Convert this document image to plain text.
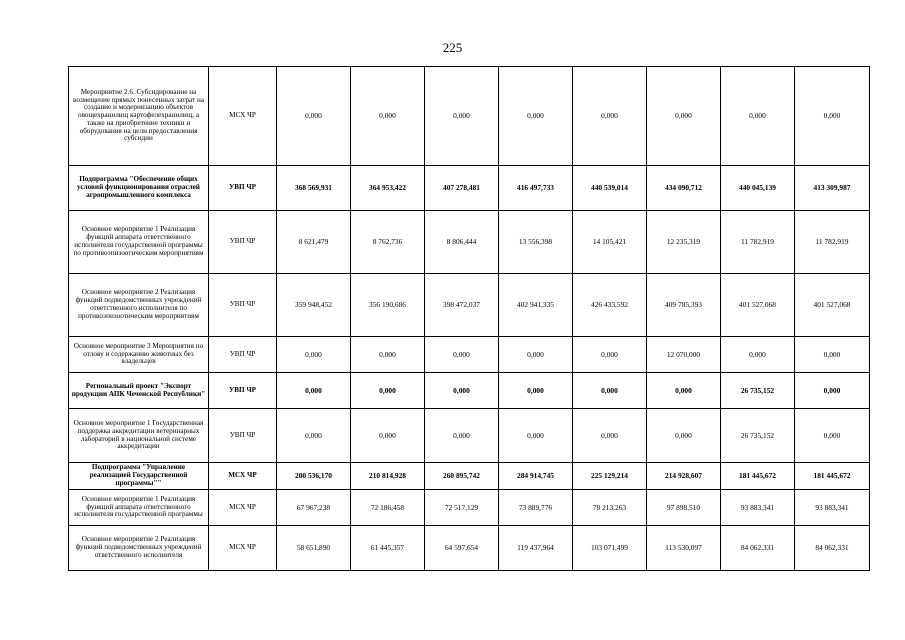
225
Мероприятие 2.6. Субсидирование на возмещение прямых понесенных затрат на создание и модернизацию объектов овощехранилищ картофелехранилищ, а также на приобретение техники и оборудования на цели предоставления субсидии	МСХ ЧР	0,000	0,000	0,000	0,000	0,000	0,000	0,000	0,000
Подпрограмма "Обеспечение общих условий функционирования отраслей агропромышленного комплекса	УВП ЧР	368 569,931	364 953,422	407 278,481	416 497,733	440 539,014	434 090,712	440 045,139	413 309,987
Основное мероприятие 1 Реализация функций аппарата ответственного исполнителя государственной программы по противоэпизоотическим мероприятиям	УВП ЧР	8 621,479	8 762,736	8 806,444	13 556,398	14 105,421	12 235,319	11 782,919	11 782,919
Основное мероприятие 2 Реализация функций подведомственных учреждений ответственного исполнителя по противоэпизоотическим мероприятиям	УВП ЧР	359 948,452	356 190,686	398 472,037	402 941,335	426 433,592	409 785,393	401 527,068	401 527,068
Основное мероприятие 3 Мероприятия по отлову и содержанию животных без владельцев	УВП ЧР	0,000	0,000	0,000	0,000	0,000	12 070,000	0,000	0,000
Региональный проект "Экспорт продукции АПК Чеченской Республики"	УВП ЧР	0,000	0,000	0,000	0,000	0,000	0,000	26 735,152	0,000
Основное мероприятие 1 Государственная поддержка аккредитации ветеринарных лабораторий в национальной системе аккредитации	УВП ЧР	0,000	0,000	0,000	0,000	0,000	0,000	26 735,152	0,000
Подпрограмма "Управление реализацией Государственной программы""	МСХ ЧР	200 536,170	210 814,928	260 895,742	284 914,745	225 129,214	214 928,607	181 445,672	181 445,672
Основное мероприятие 1 Реализация функций аппарата ответственного исполнителя государственной программы	МСХ ЧР	67 967,238	72 186,458	72 517,129	73 889,776	78 213,263	97 898,510	93 883,341	93 883,341
Основное мероприятие 2 Реализация функций подведомственных учреждений ответственного исполнителя	МСХ ЧР	58 651,890	61 445,357	64 597,654	119 437,964	103 071,499	113 530,097	84 062,331	84 062,331
